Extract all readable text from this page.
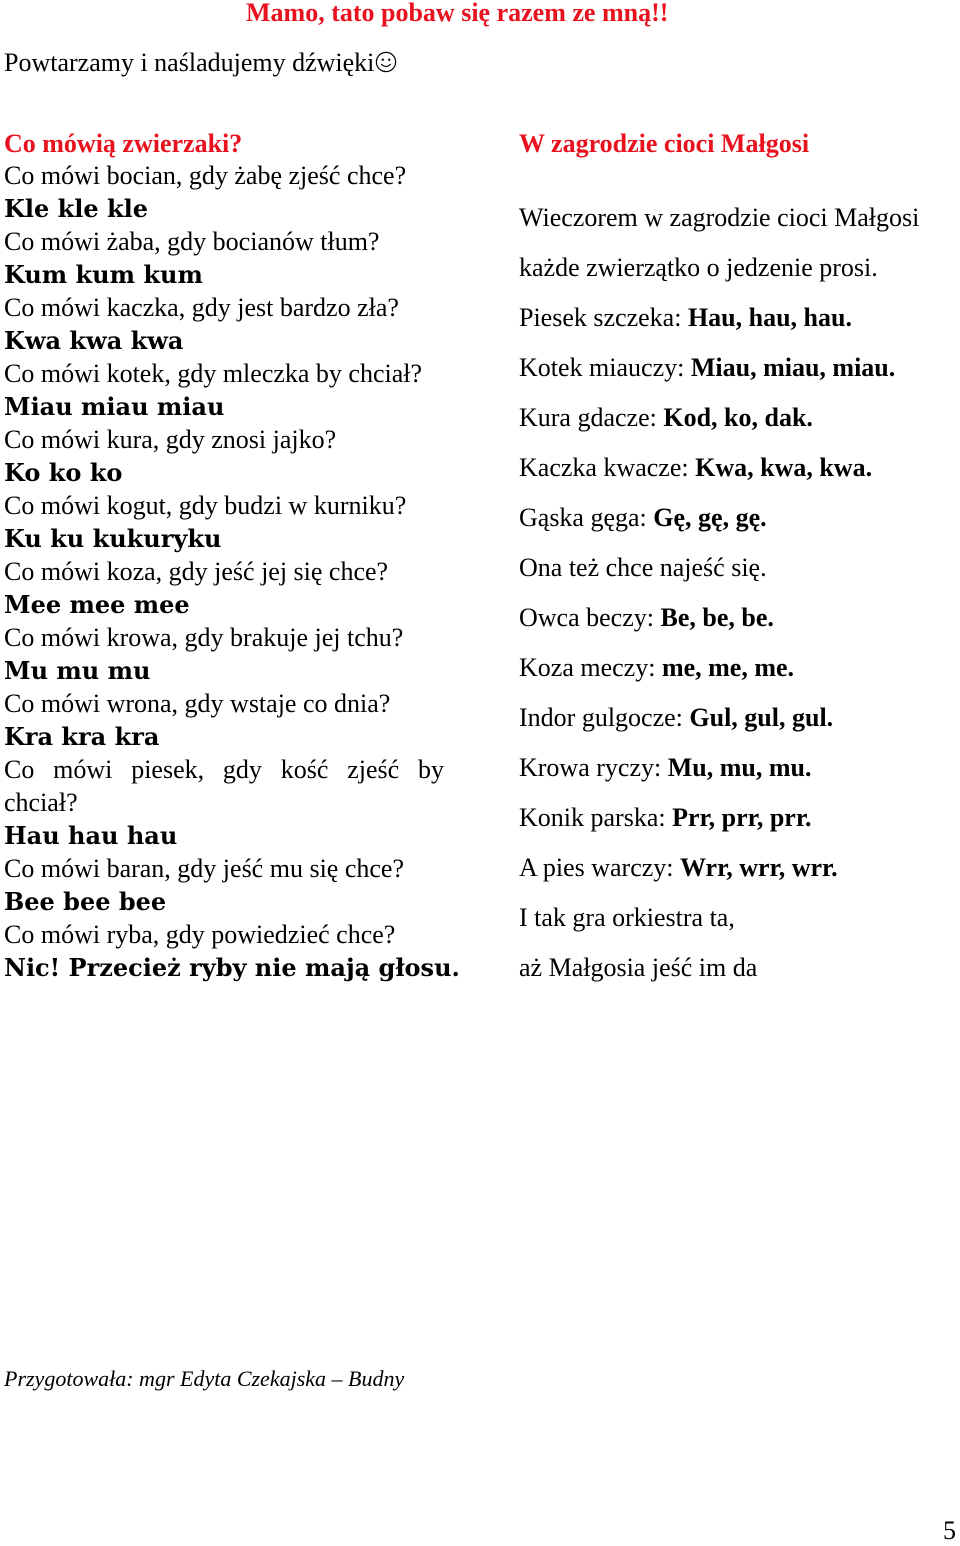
Mamo, tato pobaw się razem ze mną!!
Powtarzamy i naśladujemy dźwięki
Co mówią zwierzaki?
Co mówi bocian, gdy żabę zjeść chce?
Kle kle kle
Co mówi żaba, gdy bocianów tłum?
Kum kum kum
Co mówi kaczka, gdy jest bardzo zła?
Kwa kwa kwa
Co mówi kotek, gdy mleczka by chciał?
Miau miau miau
Co mówi kura, gdy znosi jajko?
Ko ko ko
Co mówi kogut, gdy budzi w kurniku?
Ku ku kukuryku
Co mówi koza, gdy jeść jej się chce?
Mee mee mee
Co mówi krowa, gdy brakuje jej tchu?
Mu mu mu
Co mówi wrona, gdy wstaje co dnia?
Kra kra kra
Co mówi piesek, gdy kość zjeść by chciał?
Hau hau hau
Co mówi baran, gdy jeść mu się chce?
Bee bee bee
Co mówi ryba, gdy powiedzieć chce?
Nic! Przecież ryby nie mają głosu.
W zagrodzie cioci Małgosi
Wieczorem w zagrodzie cioci Małgosi
każde zwierzątko o jedzenie prosi.
Piesek szczeka: Hau, hau, hau.
Kotek miauczy: Miau, miau, miau.
Kura gdacze: Kod, ko, dak.
Kaczka kwacze: Kwa, kwa, kwa.
Gąska gęga: Gę, gę, gę.
Ona też chce najeść się.
Owca beczy: Be, be, be.
Koza meczy: me, me, me.
Indor gulgocze: Gul, gul, gul.
Krowa ryczy: Mu, mu, mu.
Konik parska: Prr, prr, prr.
A pies warczy: Wrr, wrr, wrr.
I tak gra orkiestra ta,
aż Małgosia jeść im da
Przygotowała: mgr Edyta Czekajska – Budny
5
